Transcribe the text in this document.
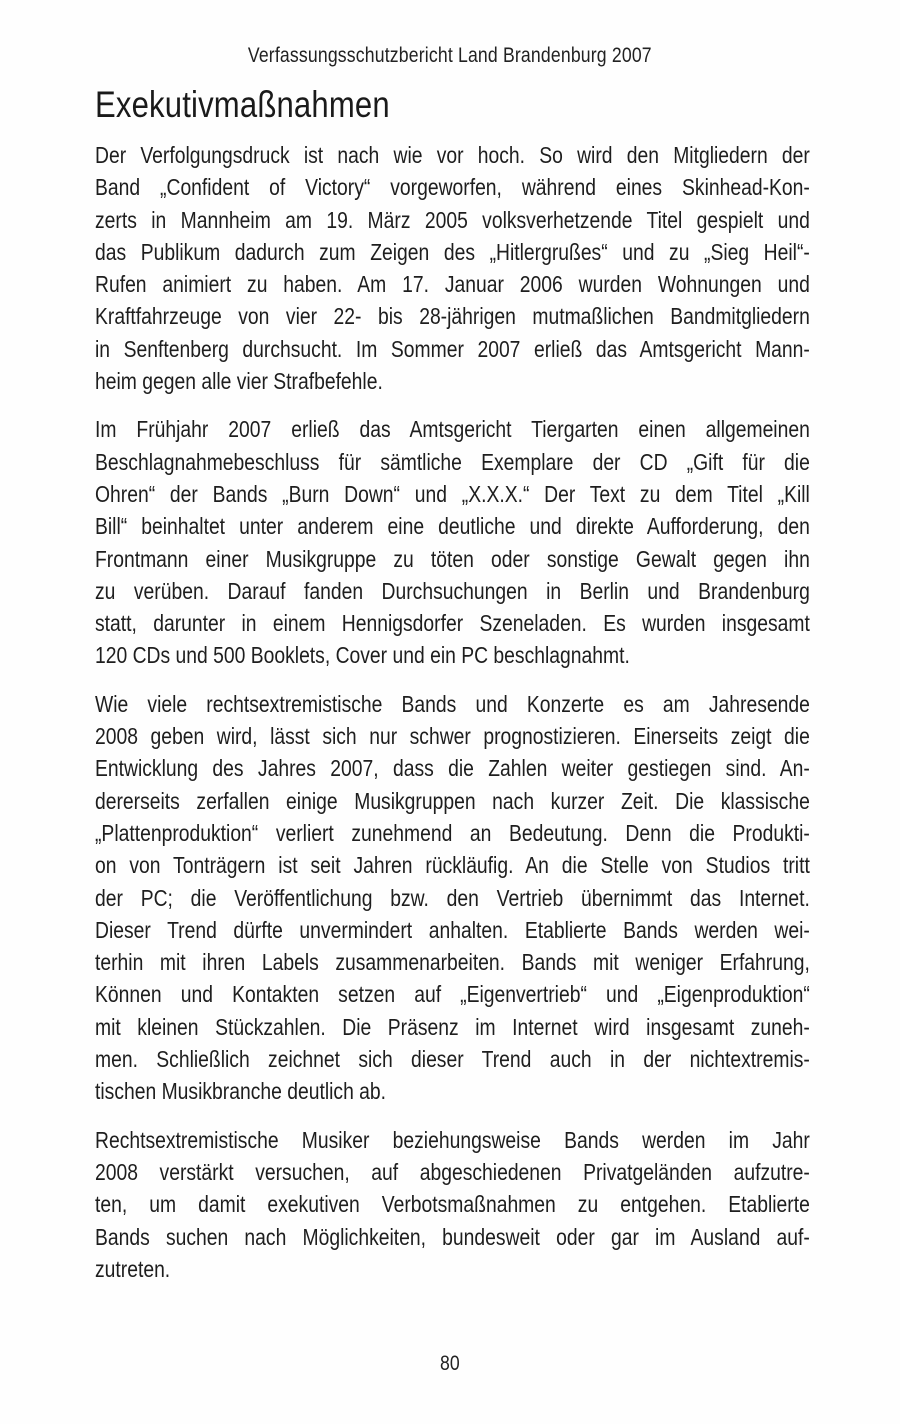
Verfassungsschutzbericht Land Brandenburg 2007
Exekutivmaßnahmen
Der Verfolgungsdruck ist nach wie vor hoch. So wird den Mitgliedern der
Band „Confident of Victory“ vorgeworfen, während eines Skinhead-Kon-
zerts in Mannheim am 19. März 2005 volksverhetzende Titel gespielt und
das Publikum dadurch zum Zeigen des „Hitlergrußes“ und zu „Sieg Heil“-
Rufen animiert zu haben. Am 17. Januar 2006 wurden Wohnungen und
Kraftfahrzeuge von vier 22- bis 28-jährigen mutmaßlichen Bandmitgliedern
in Senftenberg durchsucht. Im Sommer 2007 erließ das Amtsgericht Mann-
heim gegen alle vier Strafbefehle.
Im Frühjahr 2007 erließ das Amtsgericht Tiergarten einen allgemeinen
Beschlagnahmebeschluss für sämtliche Exemplare der CD „Gift für die
Ohren“ der Bands „Burn Down“ und „X.X.X.“ Der Text zu dem Titel „Kill
Bill“ beinhaltet unter anderem eine deutliche und direkte Aufforderung, den
Frontmann einer Musikgruppe zu töten oder sonstige Gewalt gegen ihn
zu verüben. Darauf fanden Durchsuchungen in Berlin und Brandenburg
statt, darunter in einem Hennigsdorfer Szeneladen. Es wurden insgesamt
120 CDs und 500 Booklets, Cover und ein PC beschlagnahmt.
Wie viele rechtsextremistische Bands und Konzerte es am Jahresende
2008 geben wird, lässt sich nur schwer prognostizieren. Einerseits zeigt die
Entwicklung des Jahres 2007, dass die Zahlen weiter gestiegen sind. An-
dererseits zerfallen einige Musikgruppen nach kurzer Zeit. Die klassische
„Plattenproduktion“ verliert zunehmend an Bedeutung. Denn die Produkti-
on von Tonträgern ist seit Jahren rückläufig. An die Stelle von Studios tritt
der PC; die Veröffentlichung bzw. den Vertrieb übernimmt das Internet.
Dieser Trend dürfte unvermindert anhalten. Etablierte Bands werden wei-
terhin mit ihren Labels zusammenarbeiten. Bands mit weniger Erfahrung,
Können und Kontakten setzen auf „Eigenvertrieb“ und „Eigenproduktion“
mit kleinen Stückzahlen. Die Präsenz im Internet wird insgesamt zuneh-
men. Schließlich zeichnet sich dieser Trend auch in der nichtextremis-
tischen Musikbranche deutlich ab.
Rechtsextremistische Musiker beziehungsweise Bands werden im Jahr
2008 verstärkt versuchen, auf abgeschiedenen Privatgeländen aufzutre-
ten, um damit exekutiven Verbotsmaßnahmen zu entgehen. Etablierte
Bands suchen nach Möglichkeiten, bundesweit oder gar im Ausland auf-
zutreten.
80
